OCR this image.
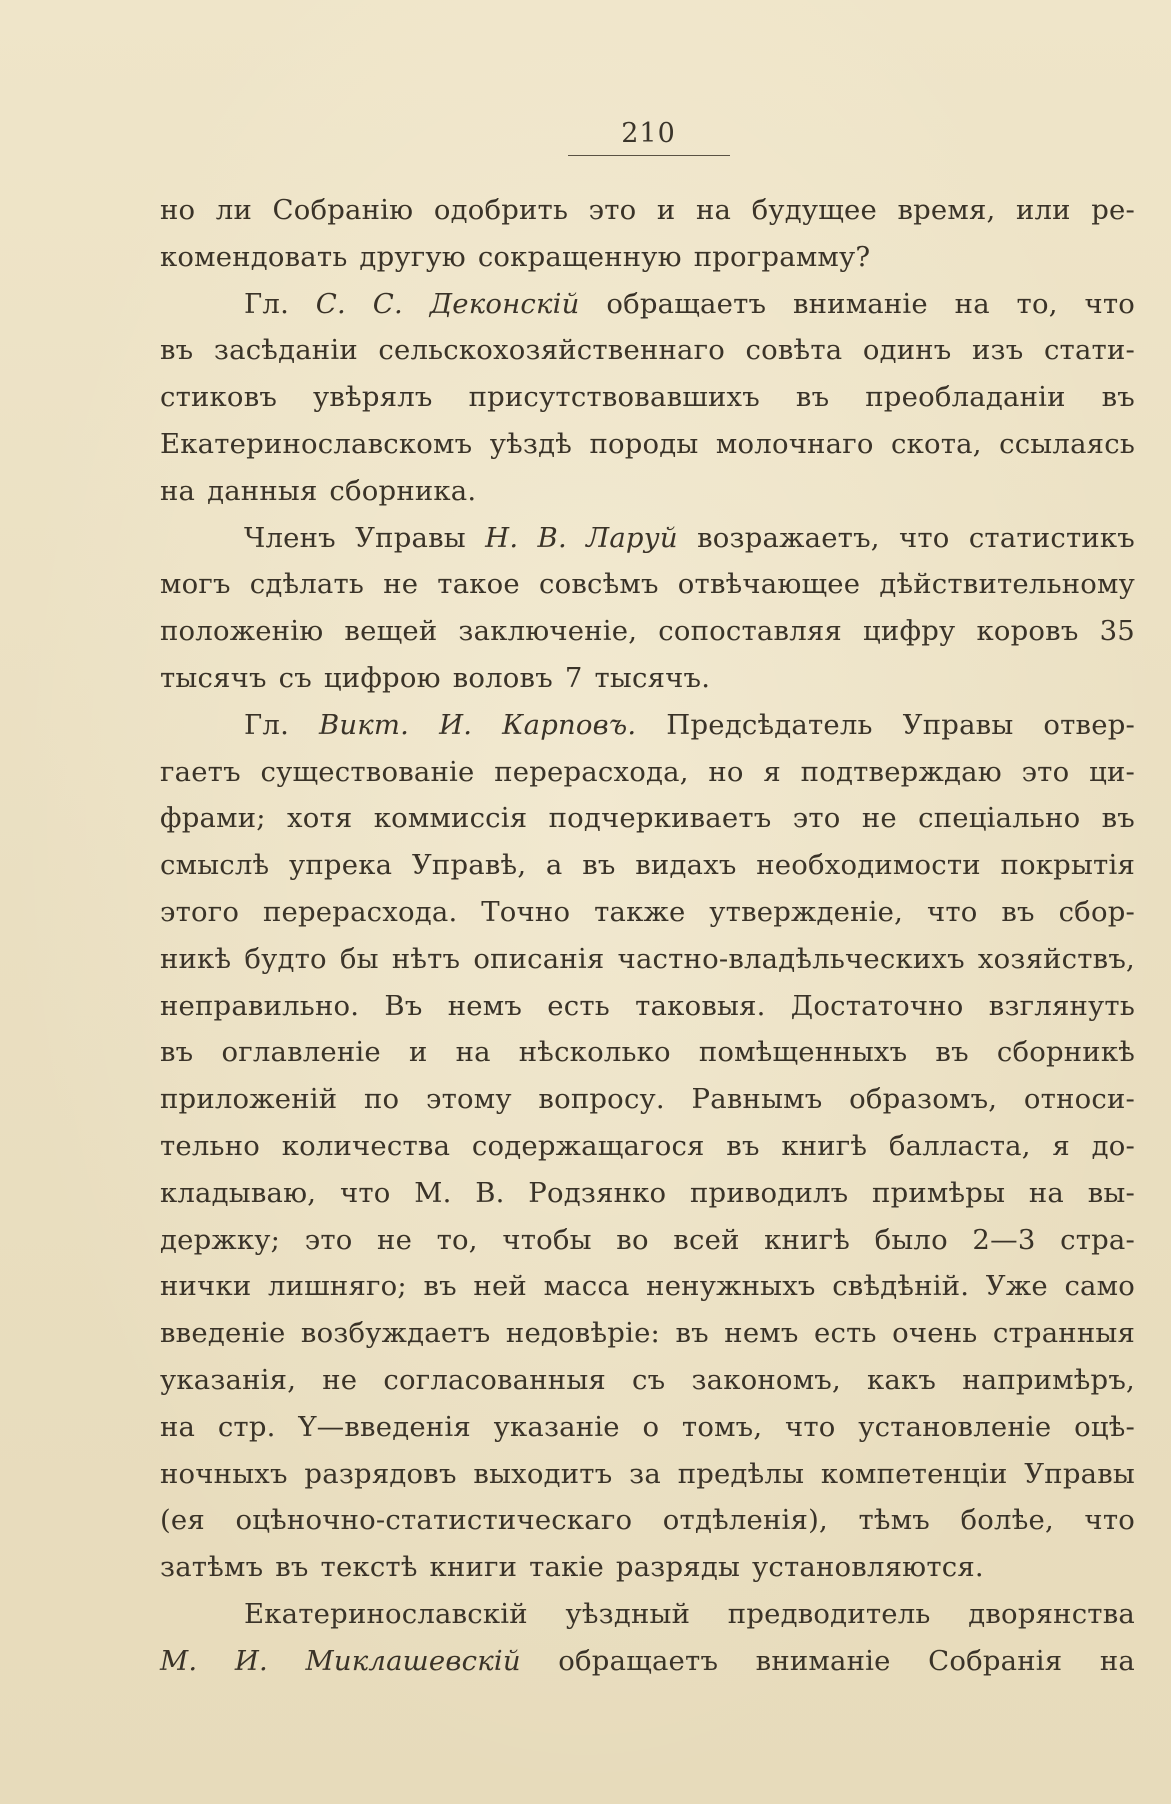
210
но ли Собранію одобрить это и на будущее время, или ре-
комендовать другую сокращенную программу?
Гл. С. С. Деконскій обращаетъ вниманіе на то, что
въ засѣданіи сельскохозяйственнаго совѣта одинъ изъ стати-
стиковъ увѣрялъ присутствовавшихъ въ преобладаніи въ
Екатеринославскомъ уѣздѣ породы молочнаго скота, ссылаясь
на данныя сборника.
Членъ Управы Н. В. Ларуй возражаетъ, что статистикъ
могъ сдѣлать не такое совсѣмъ отвѣчающее дѣйствительному
положенію вещей заключеніе, сопоставляя цифру коровъ 35
тысячъ съ цифрою воловъ 7 тысячъ.
Гл. Викт. И. Карповъ. Предсѣдатель Управы отвер-
гаетъ существованіе перерасхода, но я подтверждаю это ци-
фрами; хотя коммиссія подчеркиваетъ это не спеціально въ
смыслѣ упрека Управѣ, а въ видахъ необходимости покрытія
этого перерасхода. Точно также утвержденіе, что въ сбор-
никѣ будто бы нѣтъ описанія частно-владѣльческихъ хозяйствъ,
неправильно. Въ немъ есть таковыя. Достаточно взглянуть
въ оглавленіе и на нѣсколько помѣщенныхъ въ сборникѣ
приложеній по этому вопросу. Равнымъ образомъ, относи-
тельно количества содержащагося въ книгѣ балласта, я до-
кладываю, что М. В. Родзянко приводилъ примѣры на вы-
держку; это не то, чтобы во всей книгѣ было 2—3 стра-
нички лишняго; въ ней масса ненужныхъ свѣдѣній. Уже само
введеніе возбуждаетъ недовѣріе: въ немъ есть очень странныя
указанія, не согласованныя съ закономъ, какъ напримѣръ,
на стр. Y—введенія указаніе о томъ, что установленіе оцѣ-
ночныхъ разрядовъ выходитъ за предѣлы компетенціи Управы
(ея оцѣночно-статистическаго отдѣленія), тѣмъ болѣе, что
затѣмъ въ текстѣ книги такіе разряды установляются.
Екатеринославскій уѣздный предводитель дворянства
М. И. Миклашевскій обращаетъ вниманіе Собранія на
